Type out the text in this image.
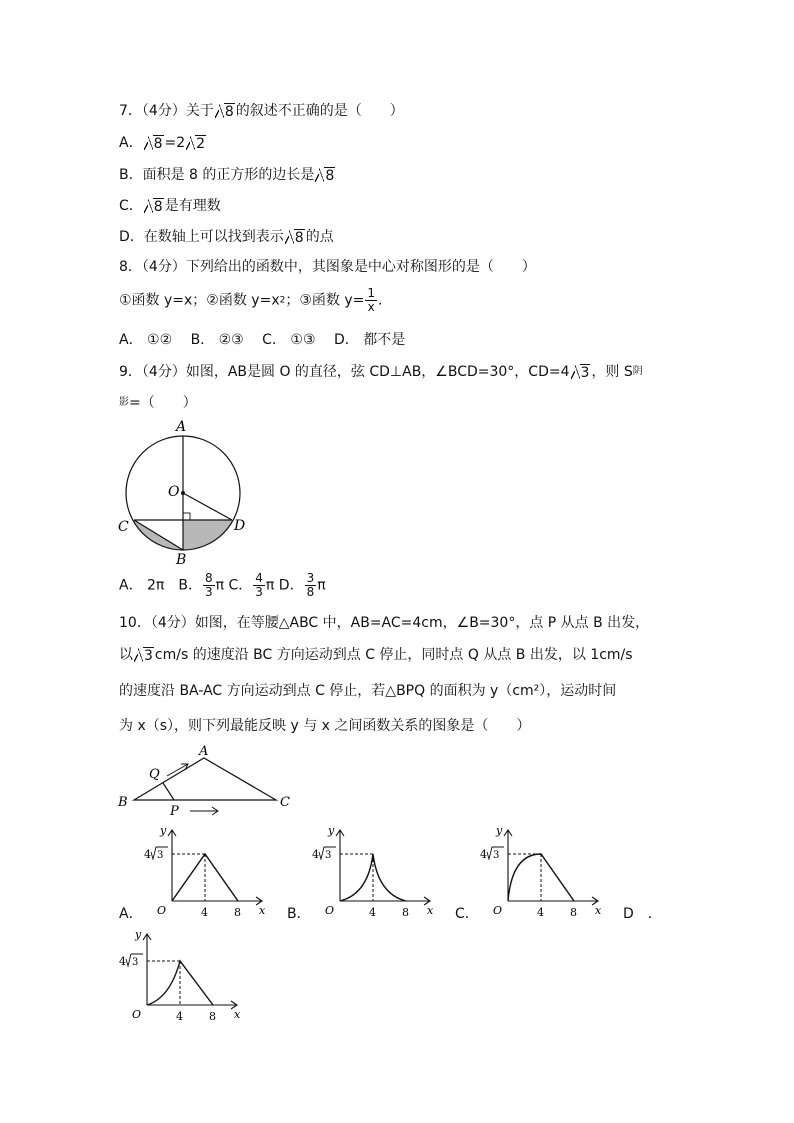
7．（4分）关于 8 的叙述不正确的是（　　）
A． 8 =2 2
B．面积是 8 的正方形的边长是 8
C． 8 是有理数
D．在数轴上可以找到表示 8 的点
8．（4分）下列给出的函数中，其图象是中心对称图形的是（　　）
①函数 y=x；②函数 y=x2；③函数 $y= \frac{1}{x}$ .
A． ①②　 B． ②③　 C． ①③　 D． 都不是
9．（4分）如图，AB是圆 O 的直径，弦 CD⊥AB，∠BCD=30°，CD=4 3 ，则 S阴
影=（　　）
A
O
C	D
B
A． 2π　B． $\frac{8}{3}$ π C． $\frac{4}{3}$ π D． $\frac{3}{8}$ π
10．（4分）如图，在等腰△ABC 中，AB=AC=4cm，∠B=30°，点 P 从点 B 出发，
以 3 cm/s 的速度沿 BC 方向运动到点 C 停止，同时点 Q 从点 B 出发，以 1cm/s
的速度沿 BA-AC 方向运动到点 C 停止，若△BPQ 的面积为 y（cm²），运动时间
为 x（s），则下列最能反映 y 与 x 之间函数关系的图象是（　　）
A
B	C
Q
P
A．	B．	C．	D　．
y
x
O	4 8
4 3
y
x
O	4 8
4 3
y
x
O	4 8
4 3
y
x
O	4 8
4 3
